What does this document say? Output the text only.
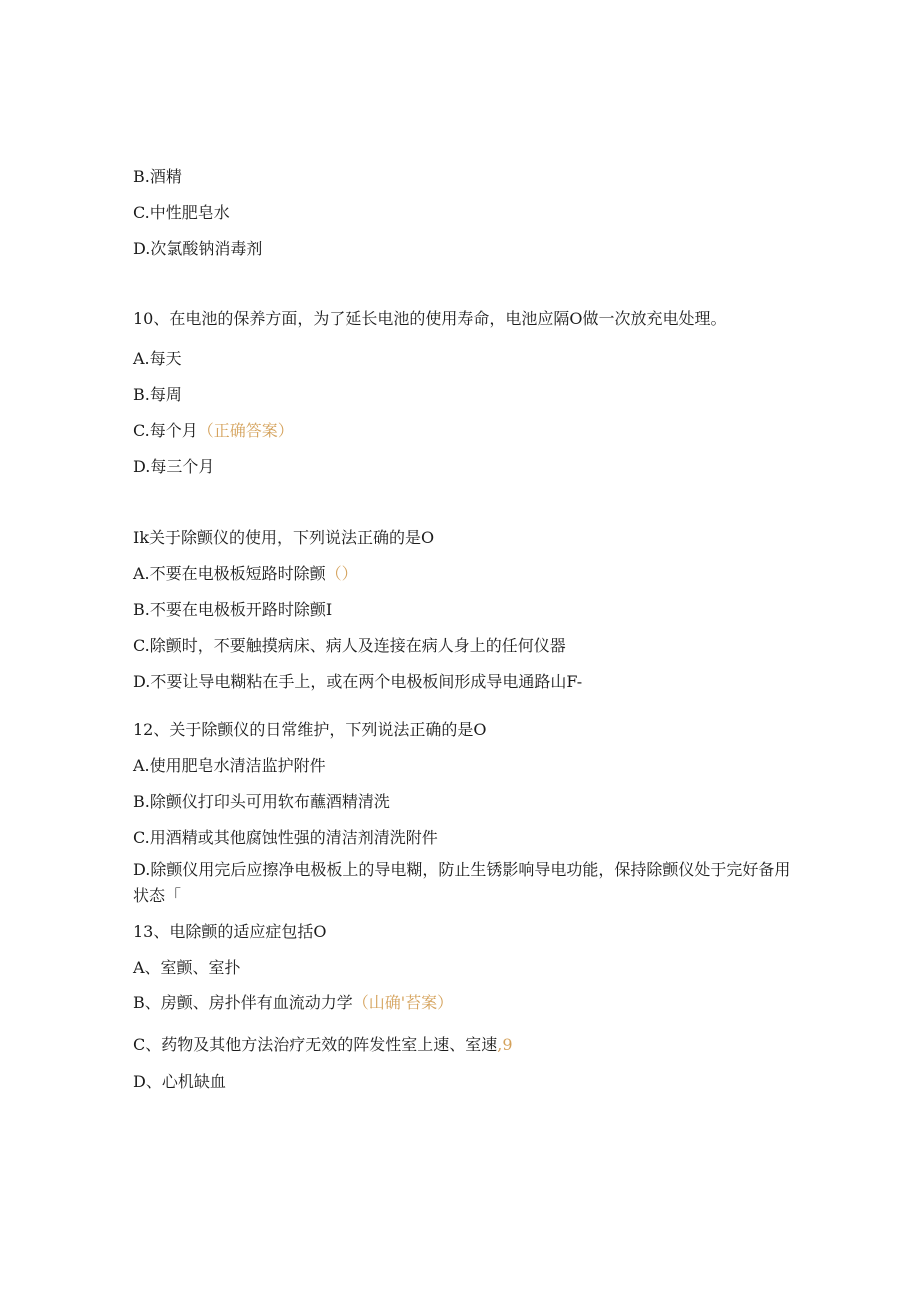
B.酒精
C.中性肥皂水
D.次氯酸钠消毒剂
10、在电池的保养方面，为了延长电池的使用寿命，电池应隔O做一次放充电处理。
A.每天
B.每周
C.每个月（正确答案）
D.每三个月
Ik关于除颤仪的使用，下列说法正确的是O
A.不要在电极板短路时除颤（）
B.不要在电极板开路时除颤I
C.除颤时，不要触摸病床、病人及连接在病人身上的任何仪器
D.不要让导电糊粘在手上，或在两个电极板间形成导电通路山F-
12、关于除颤仪的日常维护，下列说法正确的是O
A.使用肥皂水清洁监护附件
B.除颤仪打印头可用软布蘸酒精清洗
C.用酒精或其他腐蚀性强的清洁剂清洗附件
D.除颤仪用完后应擦净电极板上的导电糊，防止生锈影响导电功能，保持除颤仪处于完好备用状态「
13、电除颤的适应症包括O
A、室颤、室扑
B、房颤、房扑伴有血流动力学（山确'苔案）
C、药物及其他方法治疗无效的阵发性室上速、室速,9
D、心机缺血
